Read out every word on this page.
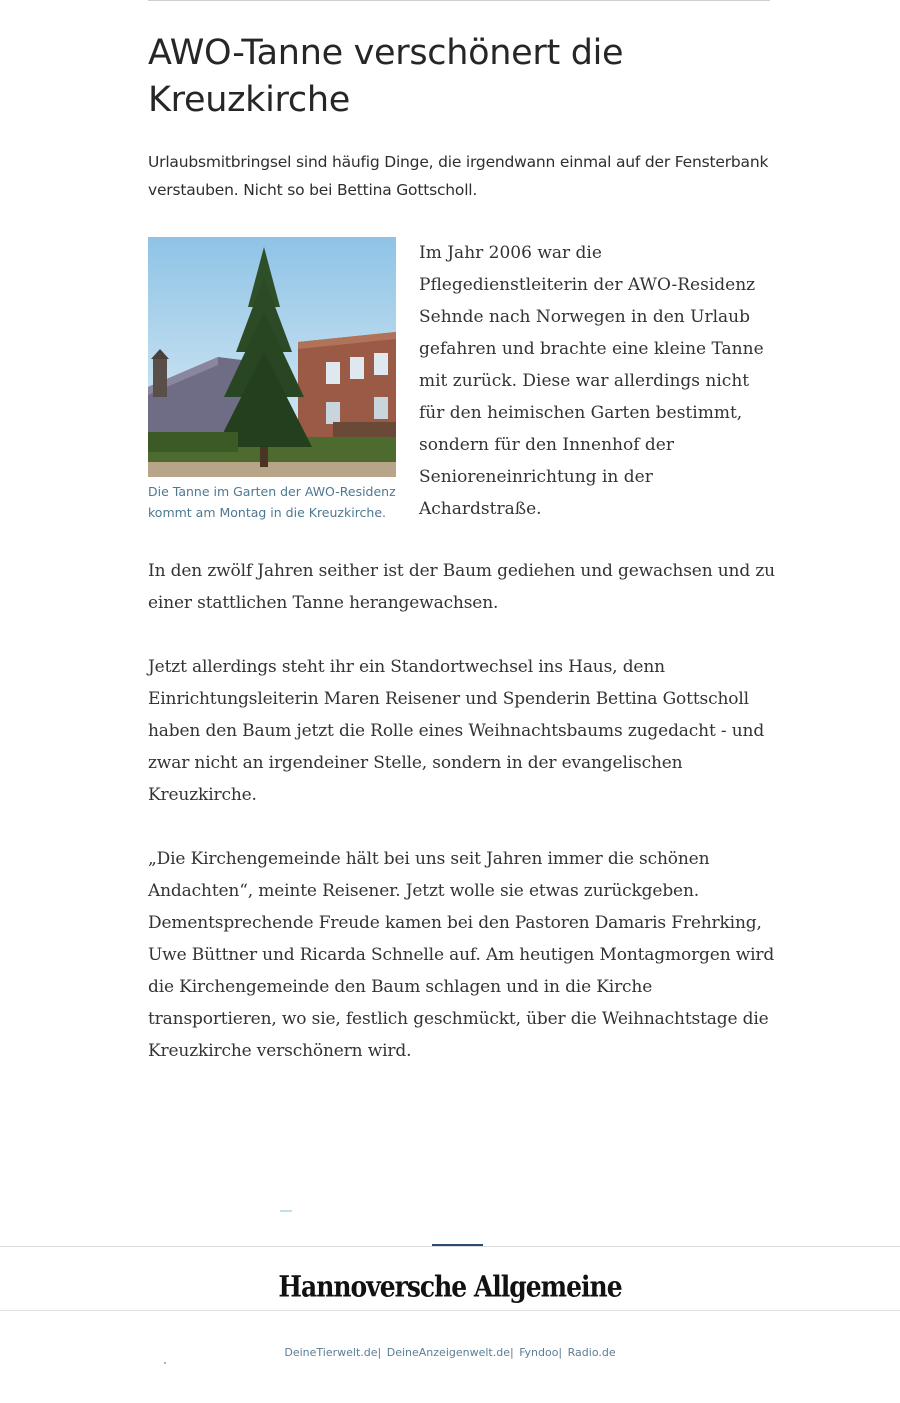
AWO-Tanne verschönert die Kreuzkirche

Urlaubsmitbringsel sind häufig Dinge, die irgendwann einmal auf der Fensterbank verstauben. Nicht so bei Bettina Gottscholl.

Die Tanne im Garten der AWO-Residenz kommt am Montag in die Kreuzkirche.

Im Jahr 2006 war die Pflegedienstleiterin der AWO-Residenz Sehnde nach Norwegen in den Urlaub gefahren und brachte eine kleine Tanne mit zurück. Diese war allerdings nicht für den heimischen Garten bestimmt, sondern für den Innenhof der Senioreneinrichtung in der Achardstraße.

In den zwölf Jahren seither ist der Baum gediehen und gewachsen und zu einer stattlichen Tanne herangewachsen.

Jetzt allerdings steht ihr ein Standortwechsel ins Haus, denn Einrichtungsleiterin Maren Reisener und Spenderin Bettina Gottscholl haben den Baum jetzt die Rolle eines Weihnachtsbaums zugedacht - und zwar nicht an irgendeiner Stelle, sondern in der evangelischen Kreuzkirche.

„Die Kirchengemeinde hält bei uns seit Jahren immer die schönen Andachten“, meinte Reisener. Jetzt wolle sie etwas zurückgeben. Dementsprechende Freude kamen bei den Pastoren Damaris Frehrking, Uwe Büttner und Ricarda Schnelle auf. Am heutigen Montagmorgen wird die Kirchengemeinde den Baum schlagen und in die Kirche transportieren, wo sie, festlich geschmückt, über die Weihnachtstage die Kreuzkirche verschönern wird.

Hannoversche Allgemeine
DeineTierwelt.de| DeineAnzeigenwelt.de| Fyndoo| Radio.de
